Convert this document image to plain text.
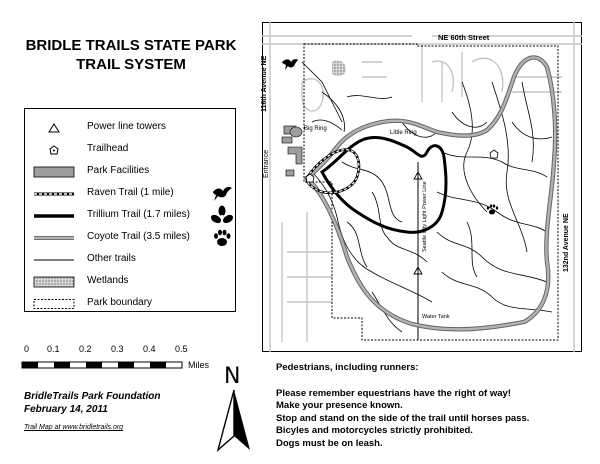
BRIDLE TRAILS STATE PARK
TRAIL SYSTEM
Power line towers
Trailhead
Park Facilities
Raven Trail (1 mile)
Trillium Trail (1.7 miles)
Coyote Trail (3.5 miles)
Other trails
Wetlands
Park boundary
0 0.1 0.2 0.3 0.4 0.5
Miles
BridleTrails Park Foundation
February 14, 2011
Trail Map at www.bridletrails.org
N	Pedestrians, including runners:
Please remember equestrians have the right of way!
Make your presence known.
Stop and stand on the side of the trail until horses pass.
Bicyles and motorcycles strictly prohibited.
Dogs must be on leash.
NE 60th Street
116th Avenue NE
132nd Avenue NE
Entrance
Big Ring
Little Ring
Seattle City Light Power Line
Water Tank
